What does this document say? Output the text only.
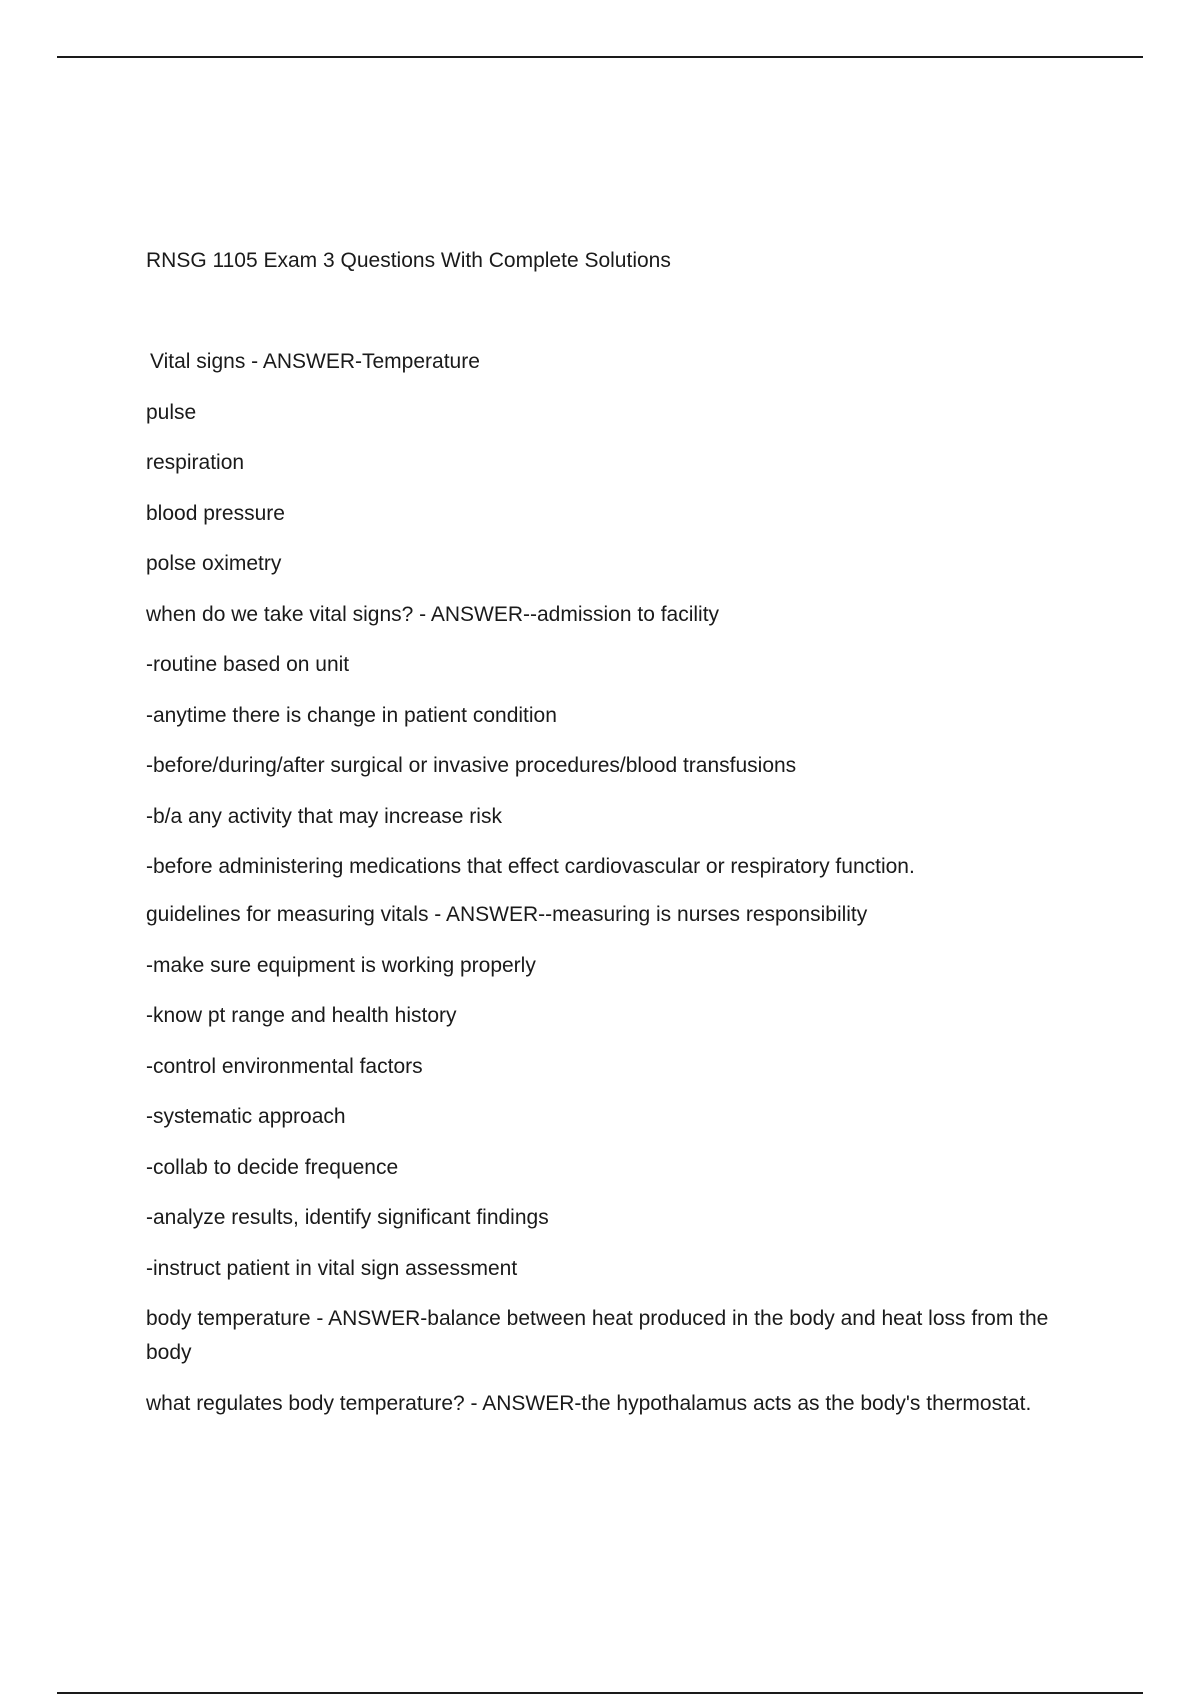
RNSG 1105 Exam 3 Questions With Complete Solutions

Vital signs - ANSWER-Temperature

pulse

respiration

blood pressure

polse oximetry

when do we take vital signs? - ANSWER--admission to facility

-routine based on unit

-anytime there is change in patient condition

-before/during/after surgical or invasive procedures/blood transfusions

-b/a any activity that may increase risk

-before administering medications that effect cardiovascular or respiratory function.

guidelines for measuring vitals - ANSWER--measuring is nurses responsibility

-make sure equipment is working properly

-know pt range and health history

-control environmental factors

-systematic approach

-collab to decide frequence

-analyze results, identify significant findings

-instruct patient in vital sign assessment

body temperature - ANSWER-balance between heat produced in the body and heat loss from the body

what regulates body temperature? - ANSWER-the hypothalamus acts as the body's thermostat.
